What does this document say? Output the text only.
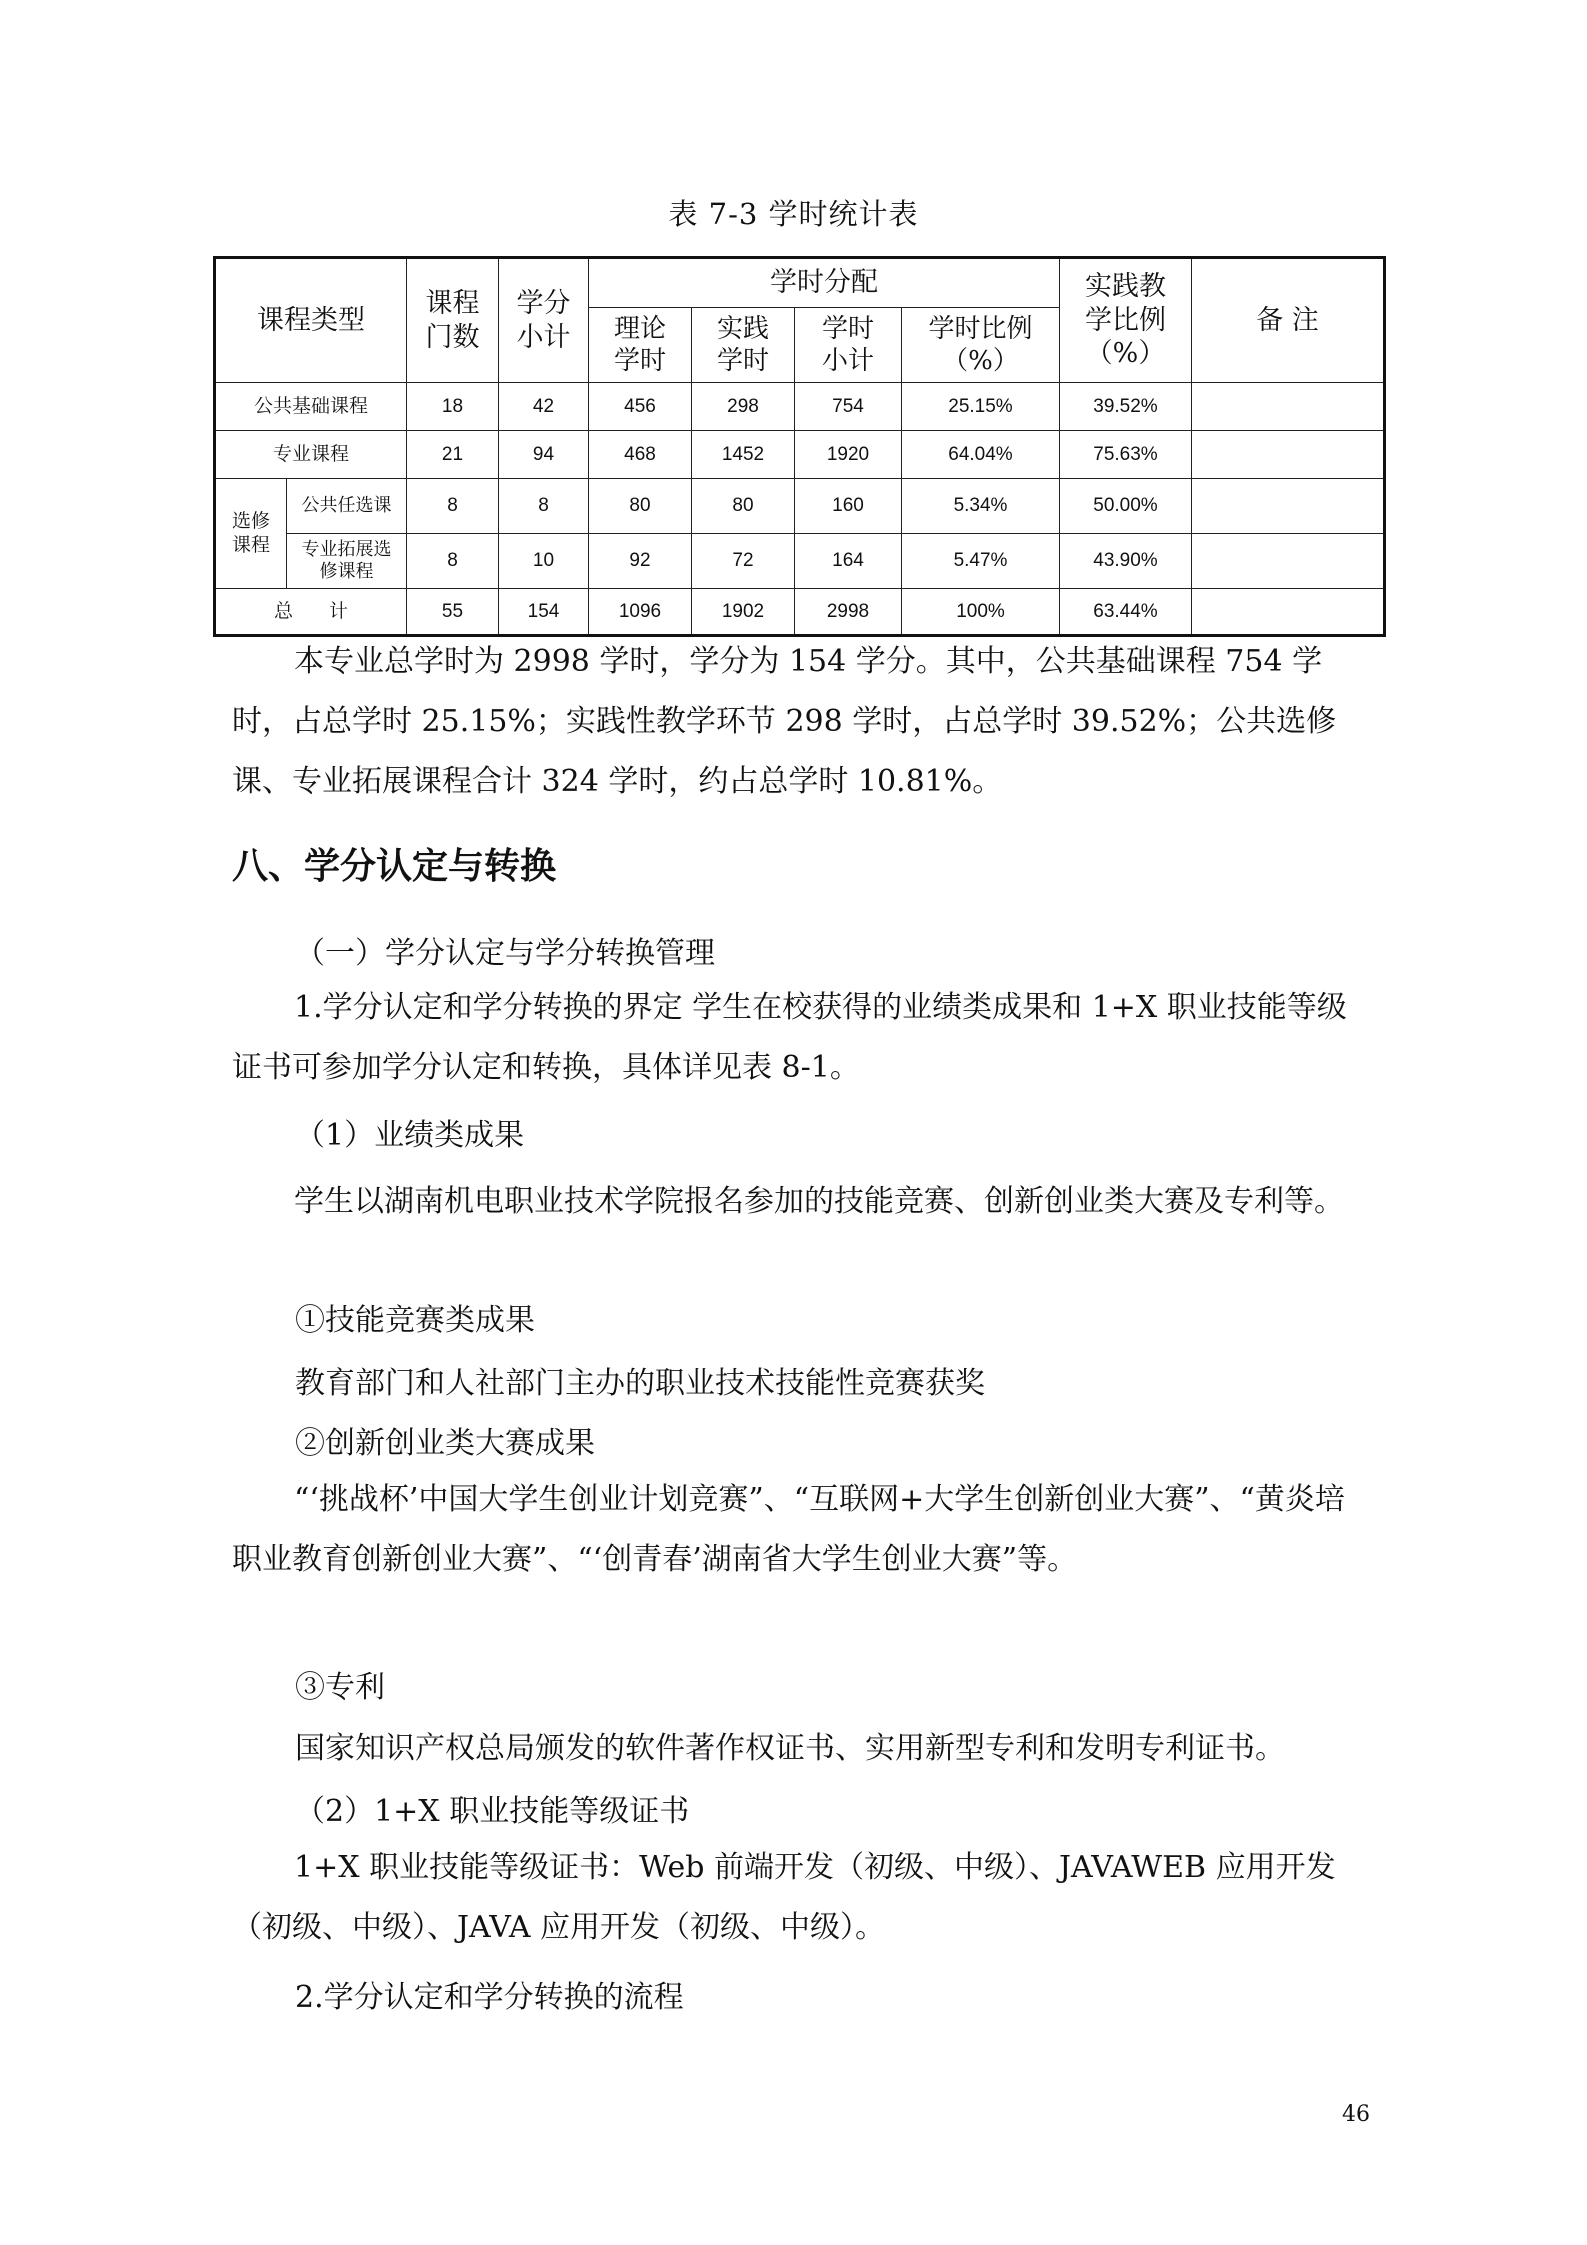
表 7-3 学时统计表
课程类型		课程门数	学分小计	学时分配				实践教学比例（%）	备 注
				理论学时	实践学时	学时小计	学时比例（%）		
公共基础课程		18	42	456	298	754	25.15%	39.52%	
专业课程		21	94	468	1452	1920	64.04%	75.63%	
选修课程	公共任选课	8	8	80	80	160	5.34%	50.00%	
	专业拓展选修课程	8	10	92	72	164	5.47%	43.90%	
总 计		55	154	1096	1902	2998	100%	63.44%	

本专业总学时为 2998 学时，学分为 154 学分。其中，公共基础课程 754 学时，占总学时 25.15%；实践性教学环节 298 学时，占总学时 39.52%；公共选修课、专业拓展课程合计 324 学时，约占总学时 10.81%。

八、学分认定与转换
（一）学分认定与学分转换管理

1.学分认定和学分转换的界定 学生在校获得的业绩类成果和 1+X 职业技能等级证书可参加学分认定和转换，具体详见表 8-1。

（1）业绩类成果

学生以湖南机电职业技术学院报名参加的技能竞赛、创新创业类大赛及专利等。

①技能竞赛类成果
教育部门和人社部门主办的职业技术技能性竞赛获奖
②创新创业类大赛成果

“‘挑战杯’中国大学生创业计划竞赛”、“互联网+大学生创新创业大赛”、“黄炎培职业教育创新创业大赛”、“‘创青春’湖南省大学生创业大赛”等。

③专利
国家知识产权总局颁发的软件著作权证书、实用新型专利和发明专利证书。
（2）1+X 职业技能等级证书

1+X 职业技能等级证书：Web 前端开发（初级、中级）、JAVAWEB 应用开发（初级、中级）、JAVA 应用开发（初级、中级）。

2.学分认定和学分转换的流程
46
